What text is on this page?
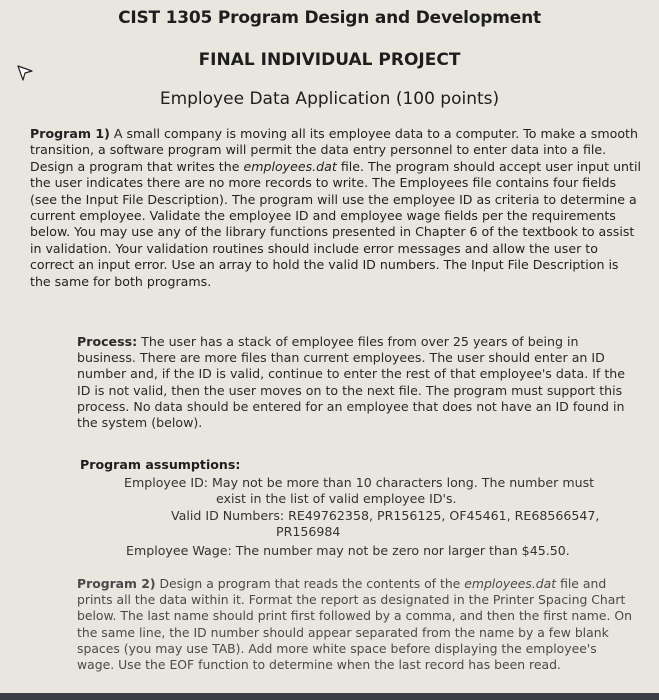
CIST 1305 Program Design and Development
FINAL INDIVIDUAL PROJECT
Employee Data Application (100 points)
Program 1) A small company is moving all its employee data to a computer. To make a smooth transition, a software program will permit the data entry personnel to enter data into a file. Design a program that writes the employees.dat file. The program should accept user input until the user indicates there are no more records to write. The Employees file contains four fields (see the Input File Description). The program will use the employee ID as criteria to determine a current employee. Validate the employee ID and employee wage fields per the requirements below. You may use any of the library functions presented in Chapter 6 of the textbook to assist in validation. Your validation routines should include error messages and allow the user to correct an input error. Use an array to hold the valid ID numbers. The Input File Description is the same for both programs.
Process: The user has a stack of employee files from over 25 years of being in business. There are more files than current employees. The user should enter an ID number and, if the ID is valid, continue to enter the rest of that employee's data. If the ID is not valid, then the user moves on to the next file. The program must support this process. No data should be entered for an employee that does not have an ID found in the system (below).
Program assumptions:
Employee ID: May not be more than 10 characters long. The number must
exist in the list of valid employee ID's.
Valid ID Numbers: RE49762358, PR156125, OF45461, RE68566547,
PR156984
Employee Wage: The number may not be zero nor larger than $45.50.
Program 2) Design a program that reads the contents of the employees.dat file and prints all the data within it. Format the report as designated in the Printer Spacing Chart below. The last name should print first followed by a comma, and then the first name. On the same line, the ID number should appear separated from the name by a few blank spaces (you may use TAB). Add more white space before displaying the employee's wage. Use the EOF function to determine when the last record has been read.
